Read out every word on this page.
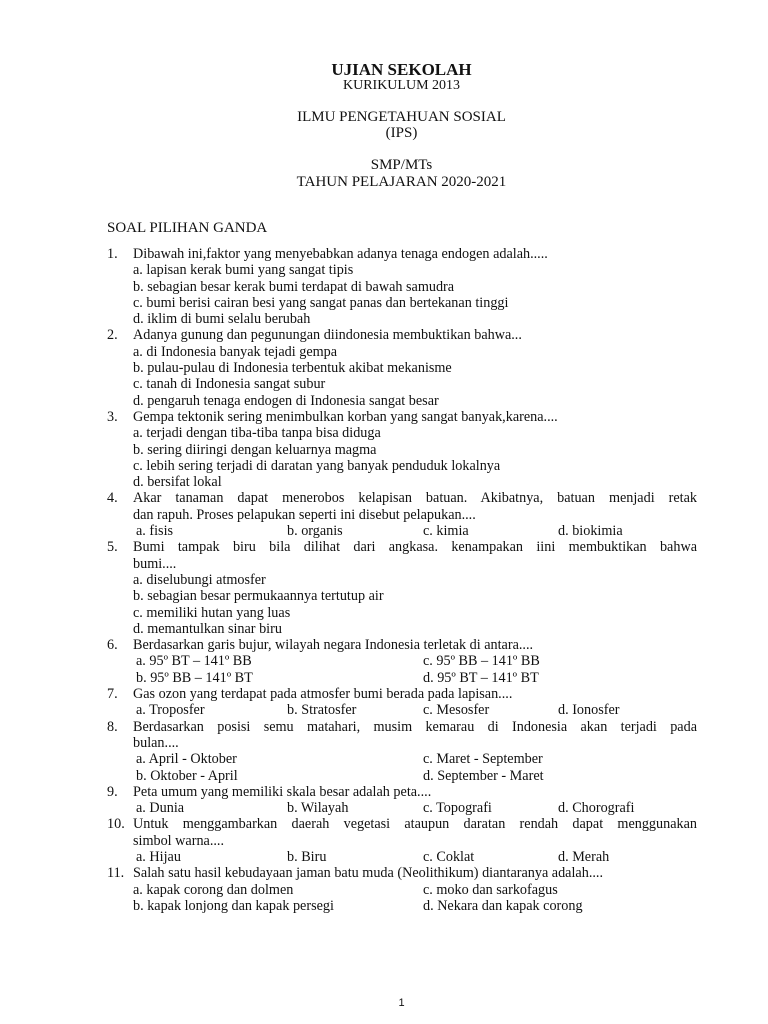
UJIAN SEKOLAH
KURIKULUM 2013
ILMU PENGETAHUAN SOSIAL
(IPS)
SMP/MTs
TAHUN PELAJARAN 2020-2021
SOAL PILIHAN GANDA
1.	Dibawah ini,faktor yang menyebabkan adanya tenaga endogen adalah.....
a. lapisan kerak bumi yang sangat tipis
b. sebagian besar kerak bumi terdapat di bawah samudra
c. bumi berisi cairan besi yang sangat panas dan bertekanan tinggi
d. iklim di bumi selalu berubah
2.	Adanya gunung dan pegunungan diindonesia membuktikan bahwa...
a. di Indonesia banyak tejadi gempa
b. pulau-pulau di Indonesia terbentuk akibat mekanisme
c. tanah di Indonesia sangat subur
d. pengaruh tenaga endogen di Indonesia sangat besar
3.	Gempa tektonik sering menimbulkan korban yang sangat banyak,karena....
a. terjadi dengan tiba-tiba tanpa bisa diduga
b. sering diiringi dengan keluarnya magma
c. lebih sering terjadi di daratan yang banyak penduduk lokalnya
d. bersifat lokal
4.	Akar tanaman dapat menerobos kelapisan batuan. Akibatnya, batuan menjadi retak
dan rapuh. Proses pelapukan seperti ini disebut pelapukan....
a. fisis	b. organis	c. kimia	d. biokimia
5.	Bumi tampak biru bila dilihat dari angkasa. kenampakan iini membuktikan bahwa
bumi....
a. diselubungi atmosfer
b. sebagian besar permukaannya tertutup air
c. memiliki hutan yang luas
d. memantulkan sinar biru
6.	Berdasarkan garis bujur, wilayah negara Indonesia terletak di antara....
a. 95º BT – 141º BB	c. 95º BB – 141º BB
b. 95º BB – 141º BT	d. 95º BT – 141º BT
7.	Gas ozon yang terdapat pada atmosfer bumi berada pada lapisan....
a. Troposfer	b. Stratosfer	c. Mesosfer	d. Ionosfer
8.	Berdasarkan posisi semu matahari, musim kemarau di Indonesia akan terjadi pada
bulan....
a. April - Oktober	c. Maret - September
b. Oktober - April	d. September - Maret
9.	Peta umum yang memiliki skala besar adalah peta....
a. Dunia	b. Wilayah	c. Topografi	d. Chorografi
10. Untuk menggambarkan daerah vegetasi ataupun daratan rendah dapat menggunakan
simbol warna....
a. Hijau	b. Biru	c. Coklat	d. Merah
11. Salah satu hasil kebudayaan jaman batu muda (Neolithikum) diantaranya adalah....
a. kapak corong dan dolmen	c. moko dan sarkofagus
b. kapak lonjong dan kapak persegi	d. Nekara dan kapak corong
1
